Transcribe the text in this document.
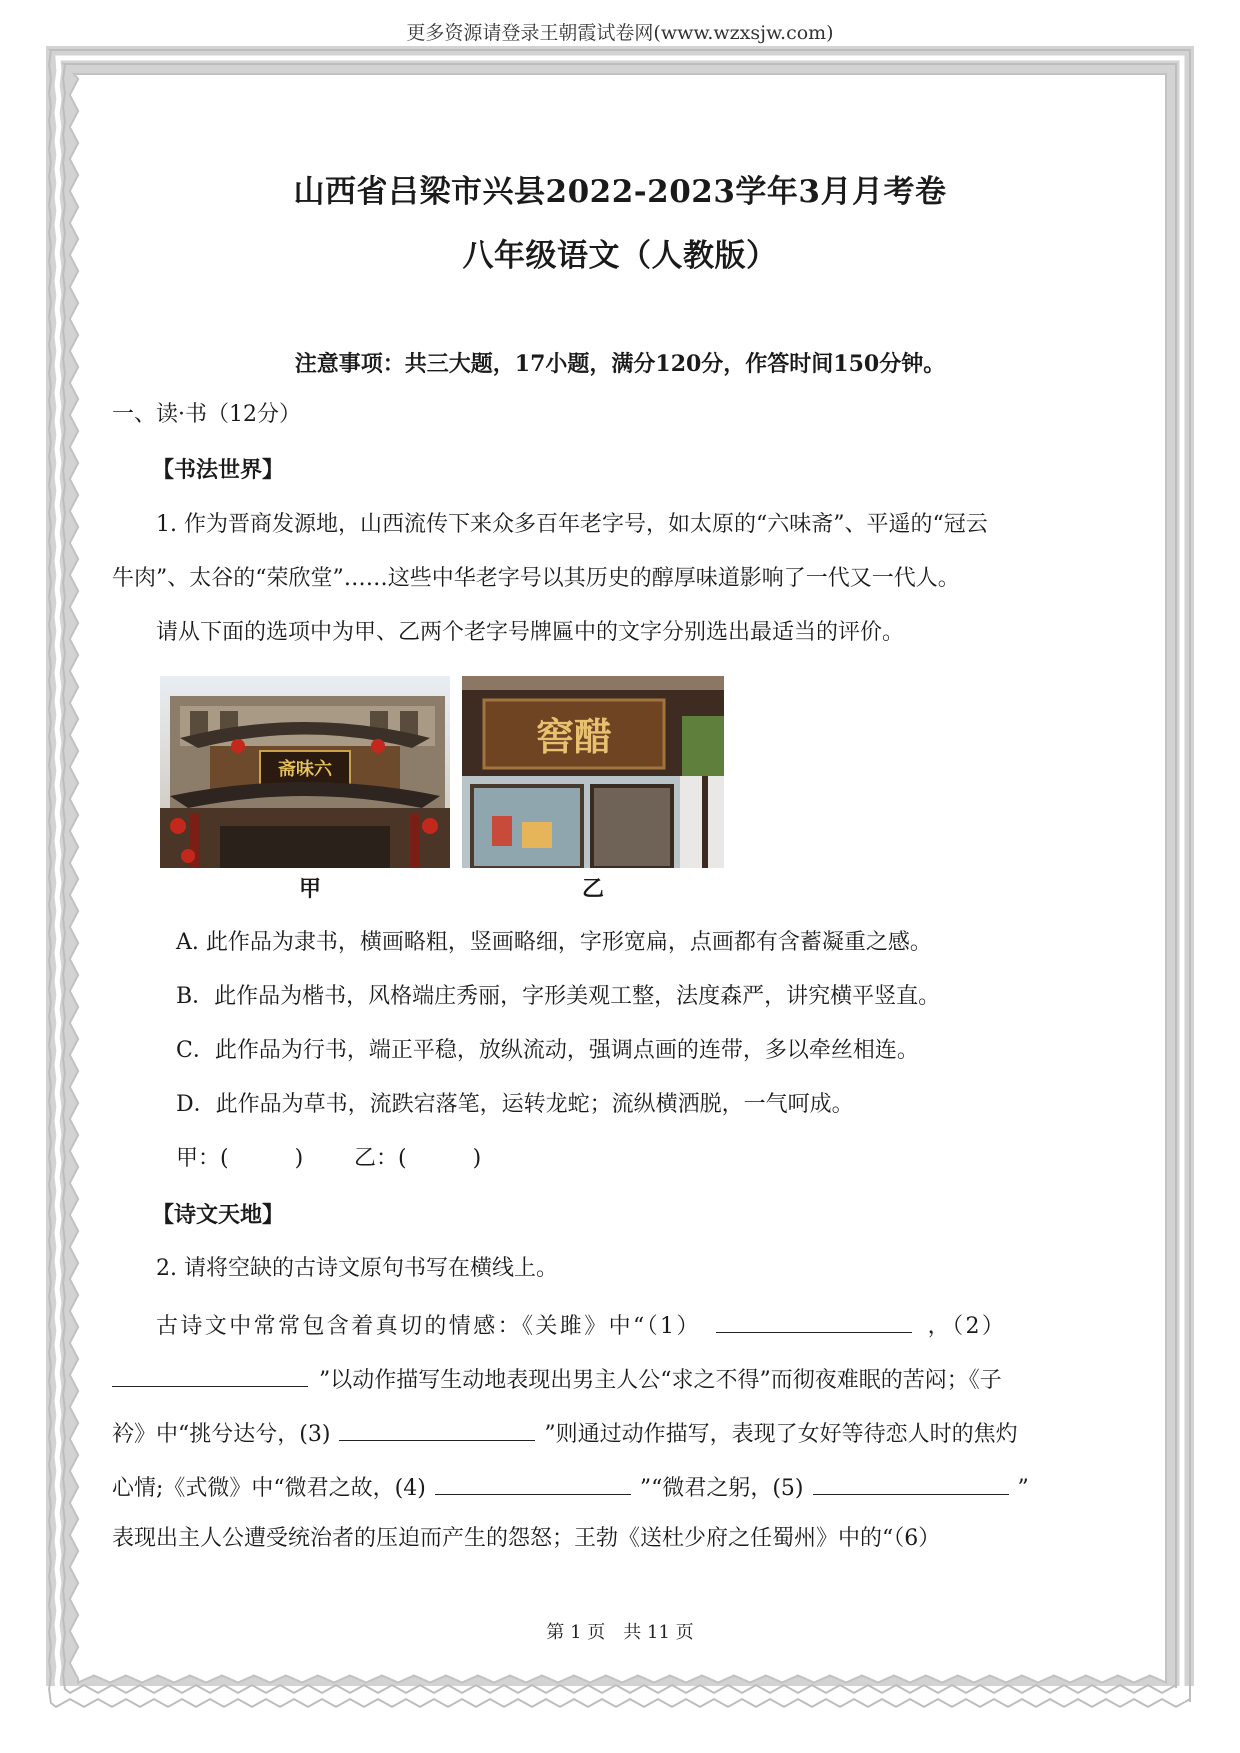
更多资源请登录王朝霞试卷网(www.wzxsjw.com)
山西省吕梁市兴县2022-2023学年3月月考卷
八年级语文（人教版）
注意事项：共三大题，17小题，满分120分，作答时间150分钟。
一、读·书（12分）
【书法世界】
1. 作为晋商发源地，山西流传下来众多百年老字号，如太原的“六味斋”、平遥的“冠云
牛肉”、太谷的“荣欣堂”……这些中华老字号以其历史的醇厚味道影响了一代又一代人。
请从下面的选项中为甲、乙两个老字号牌匾中的文字分别选出最适当的评价。
斋味六
甲
窖醋
乙
A. 此作品为隶书，横画略粗，竖画略细，字形宽扁，点画都有含蓄凝重之感。
B．此作品为楷书，风格端庄秀丽，字形美观工整，法度森严，讲究横平竖直。
C．此作品为行书，端正平稳，放纵流动，强调点画的连带，多以牵丝相连。
D．此作品为草书，流跌宕落笔，运转龙蛇；流纵横洒脱，一气呵成。
甲：(   ) 乙：(   )
【诗文天地】
2. 请将空缺的古诗文原句书写在横线上。
古诗文中常常包含着真切的情感：《关雎》中“（1）	，（2）
”以动作描写生动地表现出男主人公“求之不得”而彻夜难眠的苦闷；《子
衿》中“挑兮达兮，(3)	”则通过动作描写，表现了女好等待恋人时的焦灼
心情;《式微》中“微君之故，(4)	”“微君之躬，(5)	”
表现出主人公遭受统治者的压迫而产生的怨怒；王勃《送杜少府之任蜀州》中的“（6）
第 1 页　共 11 页
